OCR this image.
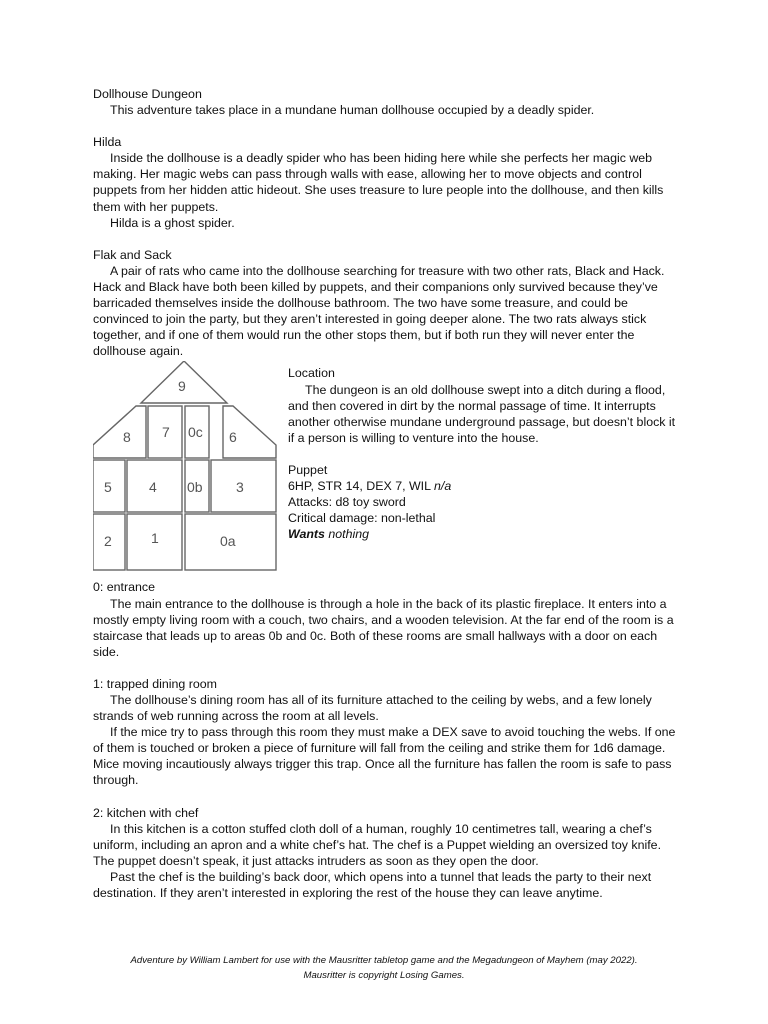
Dollhouse Dungeon

This adventure takes place in a mundane human dollhouse occupied by a deadly spider.

Hilda

Inside the dollhouse is a deadly spider who has been hiding here while she perfects her magic web making. Her magic webs can pass through walls with ease, allowing her to move objects and control puppets from her hidden attic hideout. She uses treasure to lure people into the dollhouse, and then kills them with her puppets.

Hilda is a ghost spider.

Flak and Sack

A pair of rats who came into the dollhouse searching for treasure with two other rats, Black and Hack. Hack and Black have both been killed by puppets, and their companions only survived because they’ve barricaded themselves inside the dollhouse bathroom. The two have some treasure, and could be convinced to join the party, but they aren’t interested in going deeper alone. The two rats always stick together, and if one of them would run the other stops them, but if both run they will never enter the dollhouse again.

9
8 7 0c 6
5	4 0b 3
2	1	0a

Location

The dungeon is an old dollhouse swept into a ditch during a flood, and then covered in dirt by the normal passage of time. It interrupts another otherwise mundane underground passage, but doesn’t block it if a person is willing to venture into the house.

Puppet

6HP, STR 14, DEX 7, WIL n/a

Attacks: d8 toy sword

Critical damage: non-lethal

Wants nothing

0: entrance

The main entrance to the dollhouse is through a hole in the back of its plastic fireplace. It enters into a mostly empty living room with a couch, two chairs, and a wooden television. At the far end of the room is a staircase that leads up to areas 0b and 0c. Both of these rooms are small hallways with a door on each side.

1: trapped dining room

The dollhouse’s dining room has all of its furniture attached to the ceiling by webs, and a few lonely strands of web running across the room at all levels.

If the mice try to pass through this room they must make a DEX save to avoid touching the webs. If one of them is touched or broken a piece of furniture will fall from the ceiling and strike them for 1d6 damage. Mice moving incautiously always trigger this trap. Once all the furniture has fallen the room is safe to pass through.

2: kitchen with chef

In this kitchen is a cotton stuffed cloth doll of a human, roughly 10 centimetres tall, wearing a chef’s uniform, including an apron and a white chef’s hat. The chef is a Puppet wielding an oversized toy knife. The puppet doesn’t speak, it just attacks intruders as soon as they open the door.

Past the chef is the building’s back door, which opens into a tunnel that leads the party to their next destination. If they aren’t interested in exploring the rest of the house they can leave anytime.

Adventure by William Lambert for use with the Mausritter tabletop game and the Megadungeon of Mayhem (may 2022).
Mausritter is copyright Losing Games.
